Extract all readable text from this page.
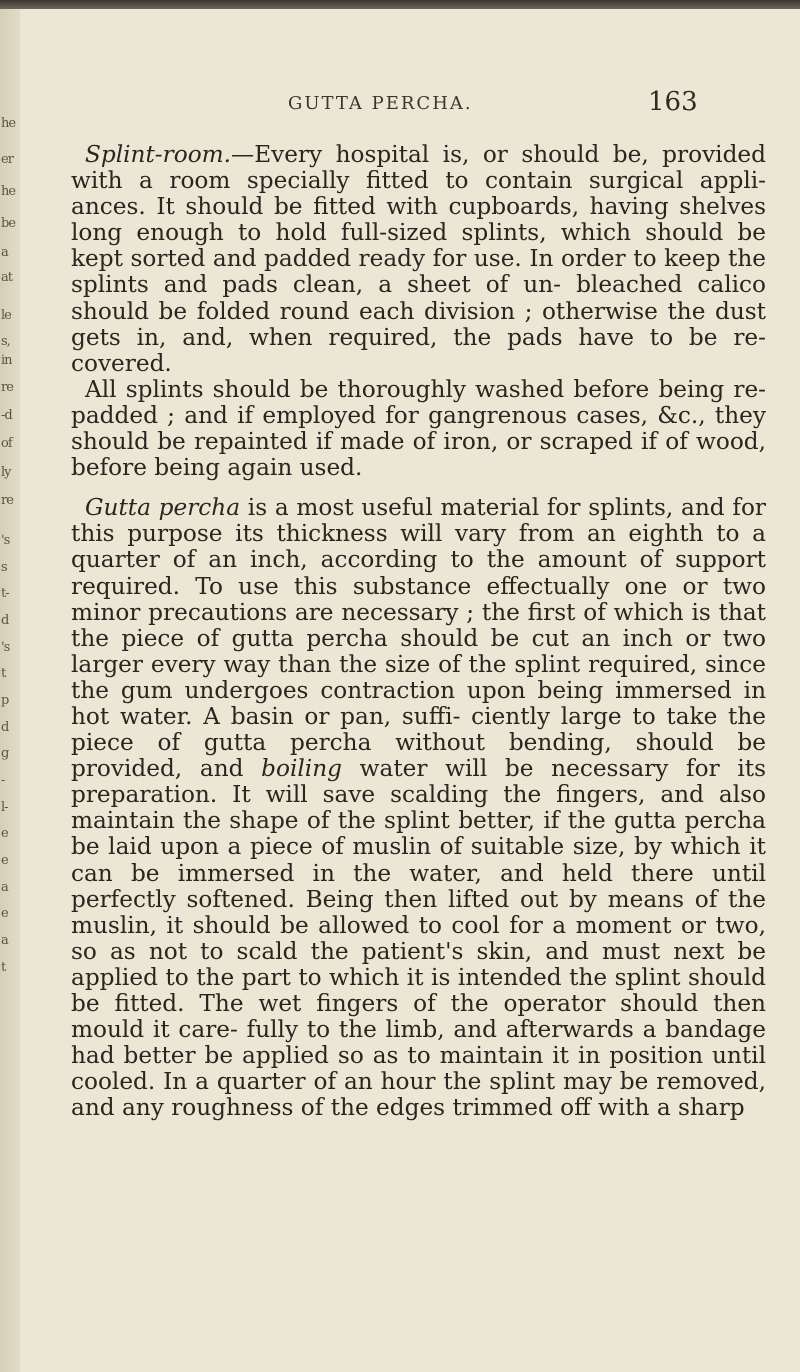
he
er
he
be
a
at
le
s,
in
re
-d
of
ly
re
's
s
t-
d
's
t
p
d
g
-
l-
e
e
a
e
a
t
GUTTA PERCHA.	163

Splint-room.—Every hospital is, or should be, provided with a room specially fitted to contain surgical appli- ances. It should be fitted with cupboards, having shelves long enough to hold full-sized splints, which should be kept sorted and padded ready for use. In order to keep the splints and pads clean, a sheet of un- bleached calico should be folded round each division ; otherwise the dust gets in, and, when required, the pads have to be re-covered.

All splints should be thoroughly washed before being re-padded ; and if employed for gangrenous cases, &c., they should be repainted if made of iron, or scraped if of wood, before being again used.

Gutta percha is a most useful material for splints, and for this purpose its thickness will vary from an eighth to a quarter of an inch, according to the amount of support required. To use this substance effectually one or two minor precautions are necessary ; the first of which is that the piece of gutta percha should be cut an inch or two larger every way than the size of the splint required, since the gum undergoes contraction upon being immersed in hot water. A basin or pan, suffi- ciently large to take the piece of gutta percha without bending, should be provided, and boiling water will be necessary for its preparation. It will save scalding the fingers, and also maintain the shape of the splint better, if the gutta percha be laid upon a piece of muslin of suitable size, by which it can be immersed in the water, and held there until perfectly softened. Being then lifted out by means of the muslin, it should be allowed to cool for a moment or two, so as not to scald the patient's skin, and must next be applied to the part to which it is intended the splint should be fitted. The wet fingers of the operator should then mould it care- fully to the limb, and afterwards a bandage had better be applied so as to maintain it in position until cooled. In a quarter of an hour the splint may be removed, and any roughness of the edges trimmed off with a sharp
